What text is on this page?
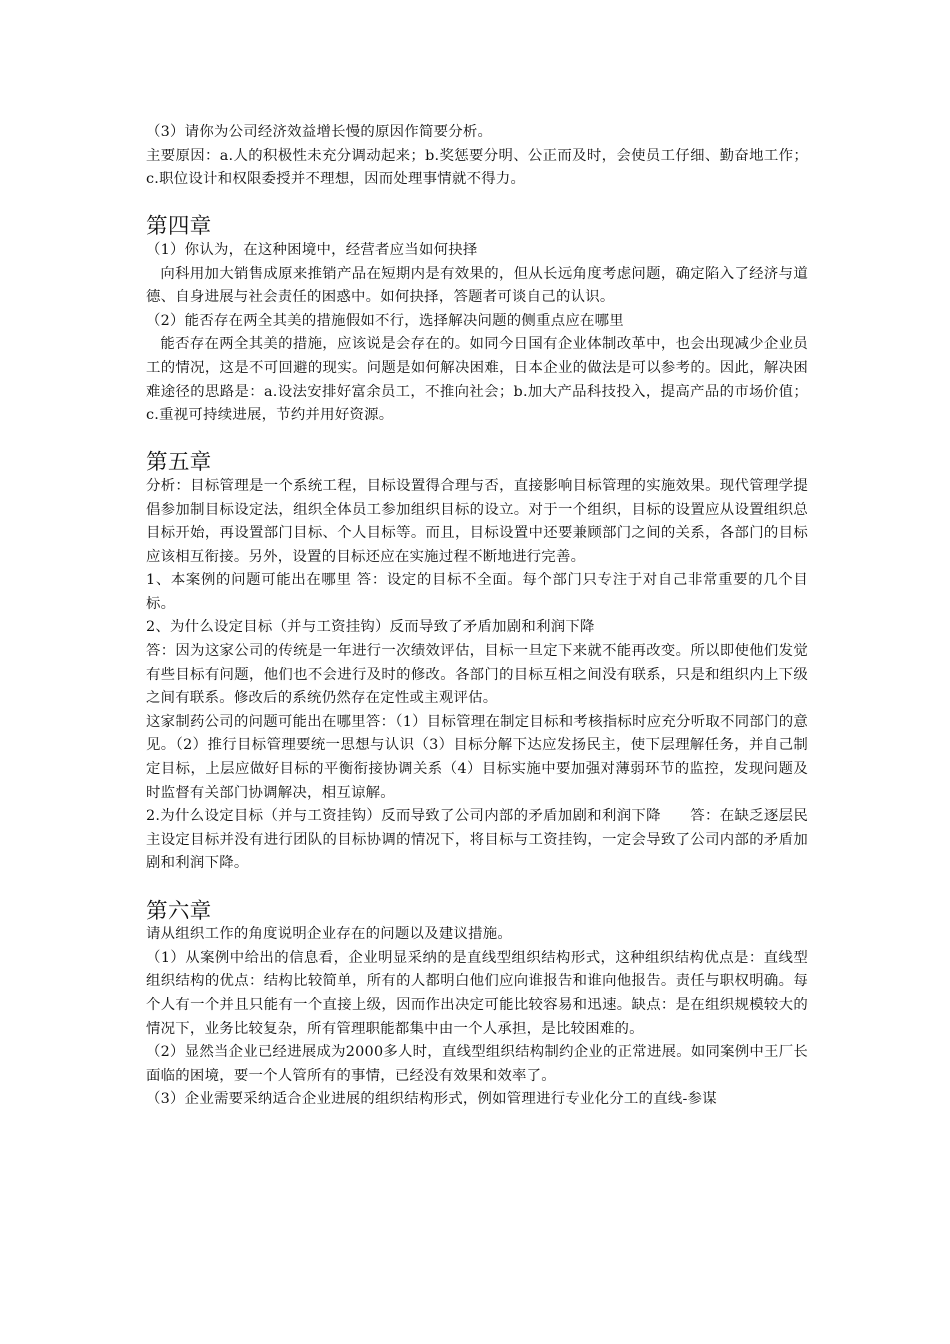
（3）请你为公司经济效益增长慢的原因作简要分析。

主要原因：a.人的积极性未充分调动起来；b.奖惩要分明、公正而及时，会使员工仔细、勤奋地工作；c.职位设计和权限委授并不理想，因而处理事情就不得力。

第四章

（1）你认为，在这种困境中，经营者应当如何抉择

向科用加大销售成原来推销产品在短期内是有效果的，但从长远角度考虑问题，确定陷入了经济与道德、自身进展与社会责任的困惑中。如何抉择，答题者可谈自己的认识。

（2）能否存在两全其美的措施假如不行，选择解决问题的侧重点应在哪里

能否存在两全其美的措施，应该说是会存在的。如同今日国有企业体制改革中，也会出现减少企业员工的情况，这是不可回避的现实。问题是如何解决困难，日本企业的做法是可以参考的。因此，解决困难途径的思路是：a.设法安排好富余员工，不推向社会；b.加大产品科技投入，提高产品的市场价值；c.重视可持续进展，节约并用好资源。

第五章

分析：目标管理是一个系统工程，目标设置得合理与否，直接影响目标管理的实施效果。现代管理学提倡参加制目标设定法，组织全体员工参加组织目标的设立。对于一个组织，目标的设置应从设置组织总目标开始，再设置部门目标、个人目标等。而且，目标设置中还要兼顾部门之间的关系，各部门的目标应该相互衔接。另外，设置的目标还应在实施过程不断地进行完善。

1、本案例的问题可能出在哪里 答：设定的目标不全面。每个部门只专注于对自己非常重要的几个目标。

2、为什么设定目标（并与工资挂钩）反而导致了矛盾加剧和利润下降

答：因为这家公司的传统是一年进行一次绩效评估，目标一旦定下来就不能再改变。所以即使他们发觉有些目标有问题，他们也不会进行及时的修改。各部门的目标互相之间没有联系，只是和组织内上下级之间有联系。修改后的系统仍然存在定性或主观评估。

这家制药公司的问题可能出在哪里答：（1）目标管理在制定目标和考核指标时应充分听取不同部门的意见。（2）推行目标管理要统一思想与认识（3）目标分解下达应发扬民主，使下层理解任务，并自己制定目标，上层应做好目标的平衡衔接协调关系（4）目标实施中要加强对薄弱环节的监控，发现问题及时监督有关部门协调解决，相互谅解。

2.为什么设定目标（并与工资挂钩）反而导致了公司内部的矛盾加剧和利润下降　　答：在缺乏逐层民主设定目标并没有进行团队的目标协调的情况下，将目标与工资挂钩，一定会导致了公司内部的矛盾加剧和利润下降。

第六章

请从组织工作的角度说明企业存在的问题以及建议措施。

（1）从案例中给出的信息看，企业明显采纳的是直线型组织结构形式，这种组织结构优点是：直线型组织结构的优点：结构比较简单，所有的人都明白他们应向谁报告和谁向他报告。责任与职权明确。每个人有一个并且只能有一个直接上级，因而作出决定可能比较容易和迅速。缺点：是在组织规模较大的情况下，业务比较复杂，所有管理职能都集中由一个人承担，是比较困难的。

（2）显然当企业已经进展成为2000多人时，直线型组织结构制约企业的正常进展。如同案例中王厂长面临的困境，要一个人管所有的事情，已经没有效果和效率了。

（3）企业需要采纳适合企业进展的组织结构形式，例如管理进行专业化分工的直线-参谋
